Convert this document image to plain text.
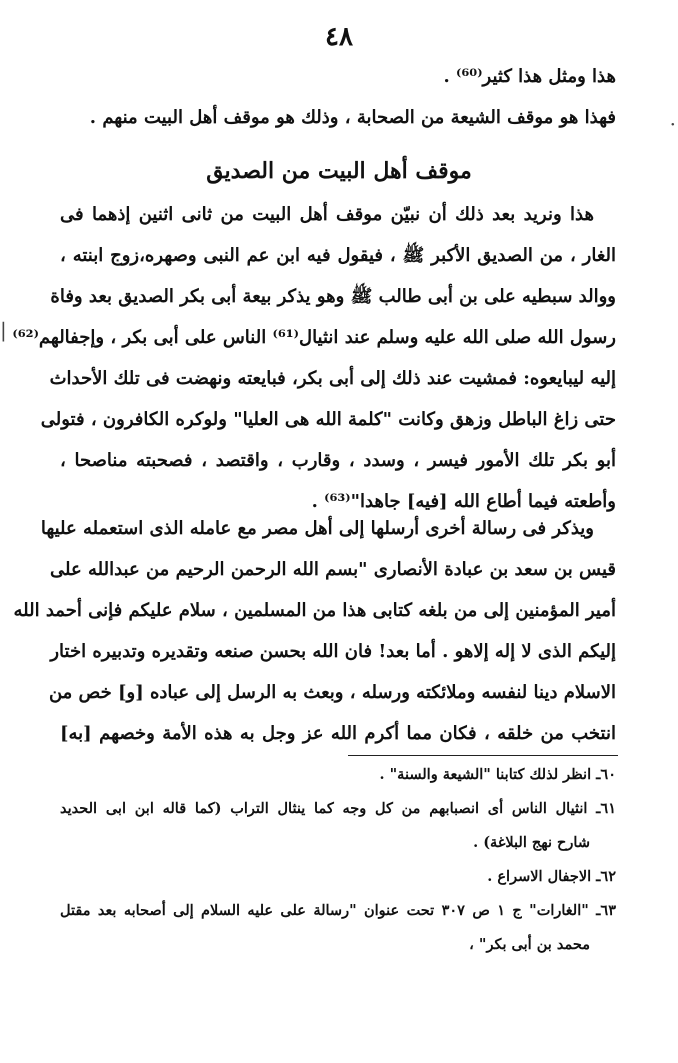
٤٨
هذا ومثل هذا كثير⁽⁶⁰⁾ .
فهذا هو موقف الشيعة من الصحابة ، وذلك هو موقف أهل البيت منهم .
موقف أهل البيت من الصديق
هذا ونريد بعد ذلك أن نبيّن موقف أهل البيت من ثانى اثنين إذهما فى
الغار ، من الصديق الأكبر ﷺ ، فيقول فيه ابن عم النبى وصهره،زوج ابنته ،
ووالد سبطيه على بن أبى طالب ﷺ وهو يذكر بيعة أبى بكر الصديق بعد وفاة
رسول الله صلى الله عليه وسلم عند انثيال⁽⁶¹⁾ الناس على أبى بكر ، وإجفالهم⁽⁶²⁾
إليه ليبايعوه: فمشيت عند ذلك إلى أبى بكر، فبايعته ونهضت فى تلك الأحداث
حتى زاغ الباطل وزهق وكانت "كلمة الله هى العليا" ولوكره الكافرون ، فتولى
أبو بكر تلك الأمور فيسر ، وسدد ، وقارب ، واقتصد ، فصحبته مناصحا ،
وأطعته فيما أطاع الله [فيه] جاهدا"⁽⁶³⁾ .
ويذكر فى رسالة أخرى أرسلها إلى أهل مصر مع عامله الذى استعمله عليها
قيس بن سعد بن عبادة الأنصارى "بسم الله الرحمن الرحيم من عبدالله على
أمير المؤمنين إلى من بلغه كتابى هذا من المسلمين ، سلام عليكم فإنى أحمد الله
إليكم الذى لا إله إلاهو . أما بعد! فان الله بحسن صنعه وتقديره وتدبيره اختار
الاسلام دينا لنفسه وملائكته ورسله ، وبعث به الرسل إلى عباده [و] خص من
انتخب من خلقه ، فكان مما أكرم الله عز وجل به هذه الأمة وخصهم [به]
٦٠ـ انظر لذلك كتابنا "الشيعة والسنة" .
٦١ـ انثيال الناس أى انصبابهم من كل وجه كما ينثال التراب (كما قاله ابن ابى الحديد
شارح نهج البلاغة) .
٦٢ـ الاجفال الاسراع .
٦٣ـ "الغارات" ج ١ ص ٣٠٧ تحت عنوان "رسالة على عليه السلام إلى أصحابه بعد مقتل
محمد بن أبى بكر" ،
|
·
